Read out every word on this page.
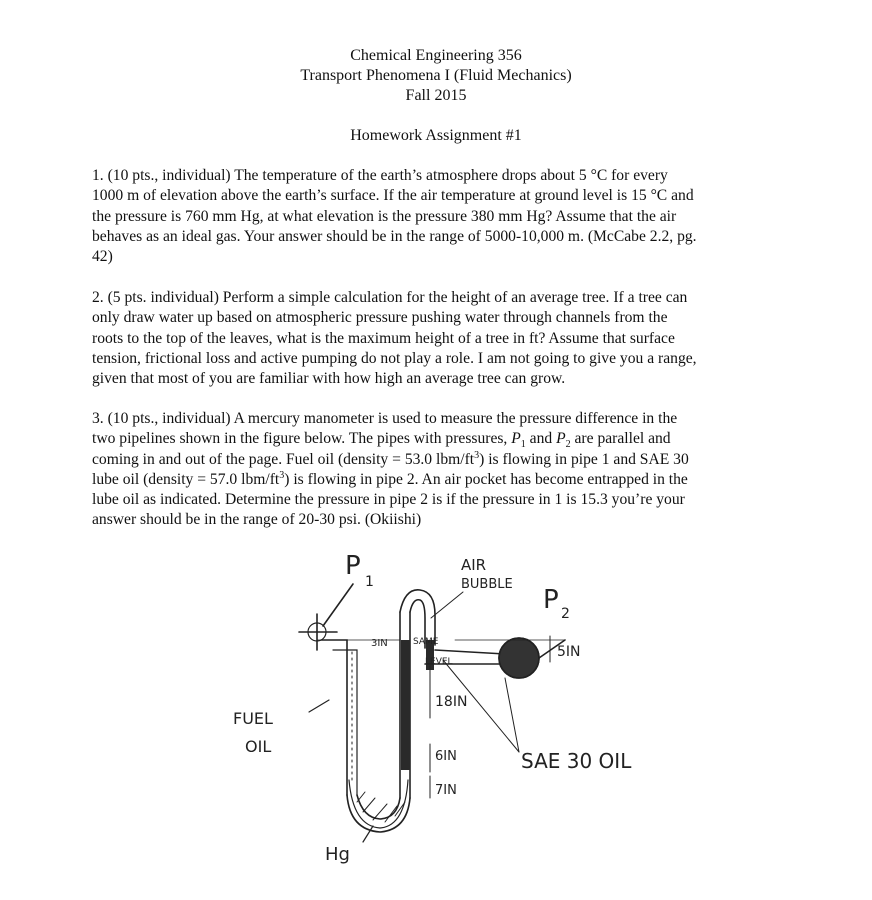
Chemical Engineering 356
Transport Phenomena I (Fluid Mechanics)
Fall 2015
Homework Assignment #1
1. (10 pts., individual) The temperature of the earth’s atmosphere drops about 5 °C for every
1000 m of elevation above the earth’s surface. If the air temperature at ground level is 15 °C and
the pressure is 760 mm Hg, at what elevation is the pressure 380 mm Hg? Assume that the air
behaves as an ideal gas. Your answer should be in the range of 5000-10,000 m. (McCabe 2.2, pg.
42)
2. (5 pts. individual) Perform a simple calculation for the height of an average tree. If a tree can
only draw water up based on atmospheric pressure pushing water through channels from the
roots to the top of the leaves, what is the maximum height of a tree in ft? Assume that surface
tension, frictional loss and active pumping do not play a role. I am not going to give you a range,
given that most of you are familiar with how high an average tree can grow.
3. (10 pts., individual) A mercury manometer is used to measure the pressure difference in the
two pipelines shown in the figure below. The pipes with pressures, $P_1$ and $P_2$ are parallel and
coming in and out of the page. Fuel oil (density = 53.0 lbm/$ft^3$) is flowing in pipe 1 and SAE 30
lube oil (density = 57.0 lbm/$ft^3$) is flowing in pipe 2. An air pocket has become entrapped in the
lube oil as indicated. Determine the pressure in pipe 2 is if the pressure in 1 is 15.3 you’re your
answer should be in the range of 20-30 psi. (Okiishi)
P
1
P 2
AIR
BUBBLE
3IN	SAME
LEVEL
5IN
18IN
FUEL
OIL
6IN
7IN
SAE 30 OIL
Hg
